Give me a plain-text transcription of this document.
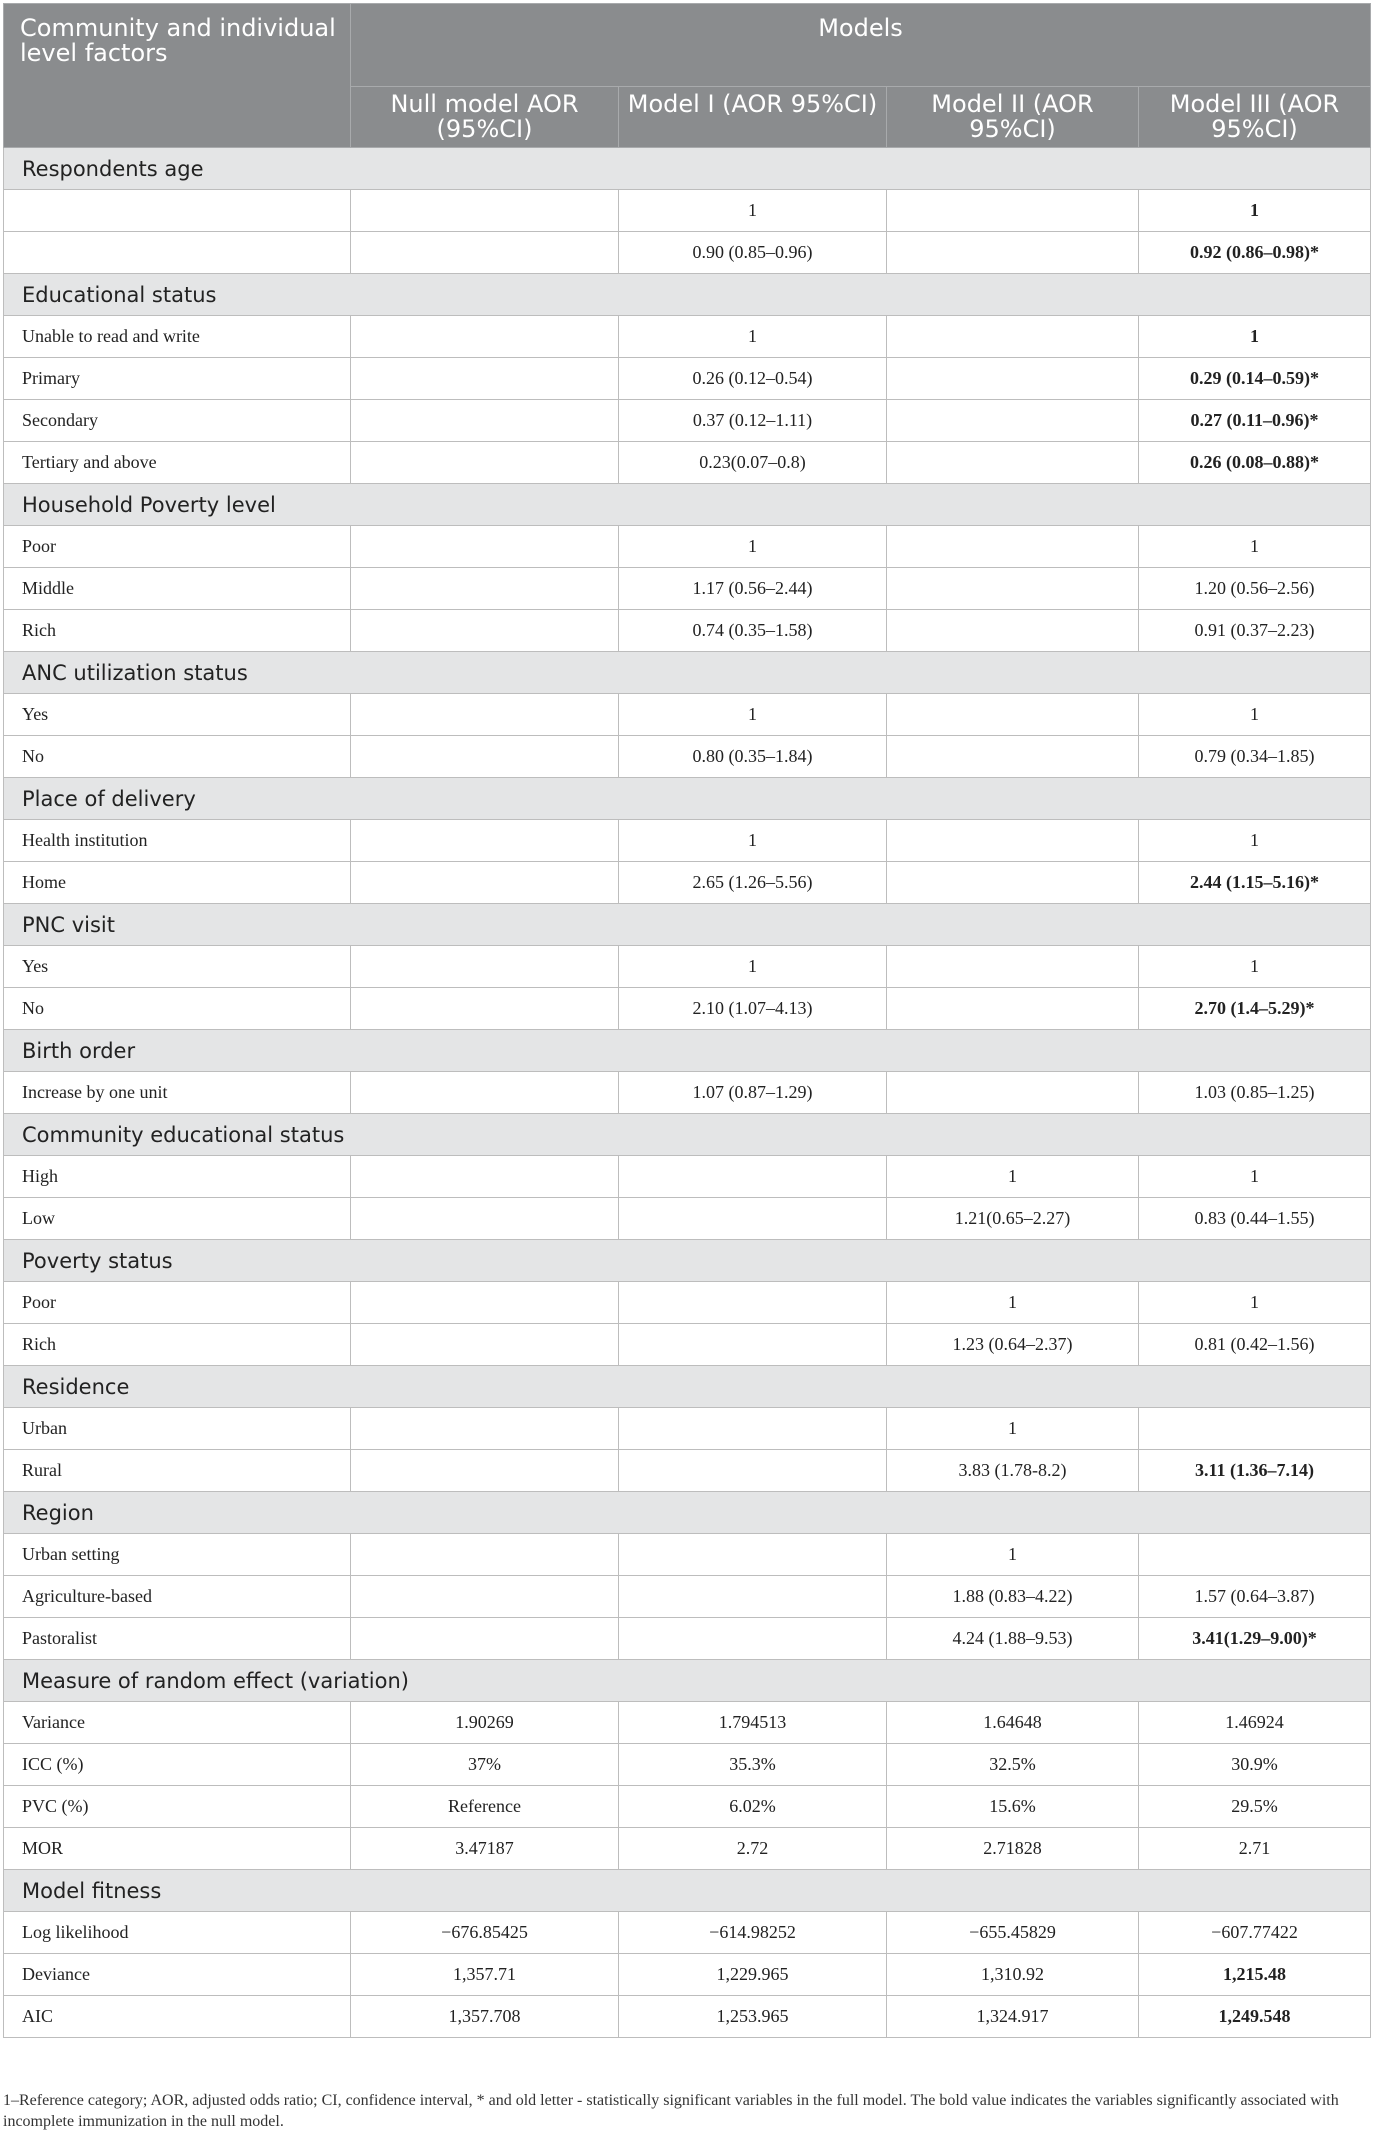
Community and individual level factors	Models			
	Null model AOR (95%CI)	Model I (AOR 95%CI)	Model II (AOR 95%CI)	Model III (AOR 95%CI)
Respondents age				
		1		1
		0.90 (0.85–0.96)		0.92 (0.86–0.98)*
Educational status				
Unable to read and write		1		1
Primary		0.26 (0.12–0.54)		0.29 (0.14–0.59)*
Secondary		0.37 (0.12–1.11)		0.27 (0.11–0.96)*
Tertiary and above		0.23(0.07–0.8)		0.26 (0.08–0.88)*
Household Poverty level				
Poor		1		1
Middle		1.17 (0.56–2.44)		1.20 (0.56–2.56)
Rich		0.74 (0.35–1.58)		0.91 (0.37–2.23)
ANC utilization status				
Yes		1		1
No		0.80 (0.35–1.84)		0.79 (0.34–1.85)
Place of delivery				
Health institution		1		1
Home		2.65 (1.26–5.56)		2.44 (1.15–5.16)*
PNC visit				
Yes		1		1
No		2.10 (1.07–4.13)		2.70 (1.4–5.29)*
Birth order				
Increase by one unit		1.07 (0.87–1.29)		1.03 (0.85–1.25)
Community educational status				
High			1	1
Low			1.21(0.65–2.27)	0.83 (0.44–1.55)
Poverty status				
Poor			1	1
Rich			1.23 (0.64–2.37)	0.81 (0.42–1.56)
Residence				
Urban			1	
Rural			3.83 (1.78-8.2)	3.11 (1.36–7.14)
Region				
Urban setting			1	
Agriculture-based			1.88 (0.83–4.22)	1.57 (0.64–3.87)
Pastoralist			4.24 (1.88–9.53)	3.41(1.29–9.00)*
Measure of random effect (variation)				
Variance	1.90269	1.794513	1.64648	1.46924
ICC (%)	37%	35.3%	32.5%	30.9%
PVC (%)	Reference	6.02%	15.6%	29.5%
MOR	3.47187	2.72	2.71828	2.71
Model fitness				
Log likelihood	−676.85425	−614.98252	−655.45829	−607.77422
Deviance	1,357.71	1,229.965	1,310.92	1,215.48
AIC	1,357.708	1,253.965	1,324.917	1,249.548
1–Reference category; AOR, adjusted odds ratio; CI, confidence interval, * and old letter - statistically significant variables in the full model. The bold value indicates the variables significantly associated with incomplete immunization in the null model.
